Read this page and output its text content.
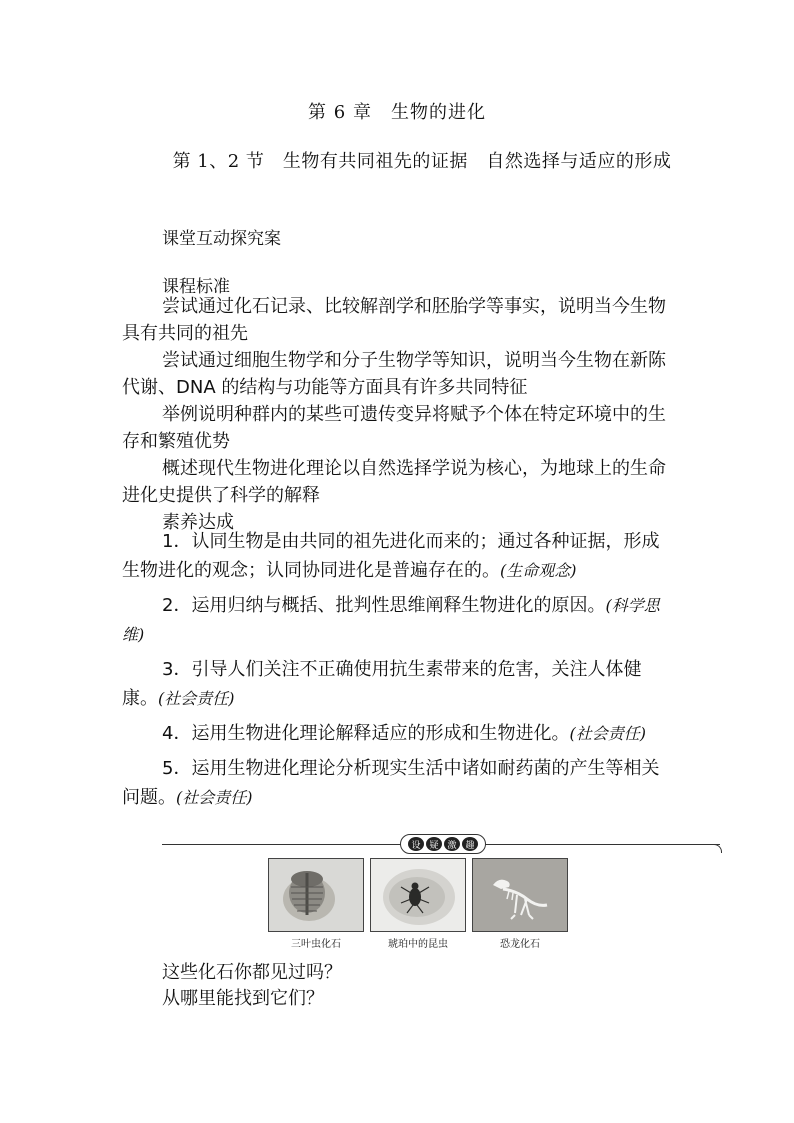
第 6 章　生物的进化
第 1、2 节　生物有共同祖先的证据　自然选择与适应的形成
课堂互动探究案
课程标准

尝试通过化石记录、比较解剖学和胚胎学等事实，说明当今生物具有共同的祖先

尝试通过细胞生物学和分子生物学等知识，说明当今生物在新陈代谢、DNA 的结构与功能等方面具有许多共同特征

举例说明种群内的某些可遗传变异将赋予个体在特定环境中的生存和繁殖优势

概述现代生物进化理论以自然选择学说为核心，为地球上的生命进化史提供了科学的解释

素养达成

1．认同生物是由共同的祖先进化而来的；通过各种证据，形成生物进化的观念；认同协同进化是普遍存在的。(生命观念)

2．运用归纳与概括、批判性思维阐释生物进化的原因。(科学思维)

3．引导人们关注不正确使用抗生素带来的危害，关注人体健康。(社会责任)

4．运用生物进化理论解释适应的形成和生物进化。(社会责任)

5．运用生物进化理论分析现实生活中诸如耐药菌的产生等相关问题。(社会责任)

设 疑 激 趣
三叶虫化石	琥珀中的昆虫	恐龙化石
这些化石你都见过吗？
从哪里能找到它们？
